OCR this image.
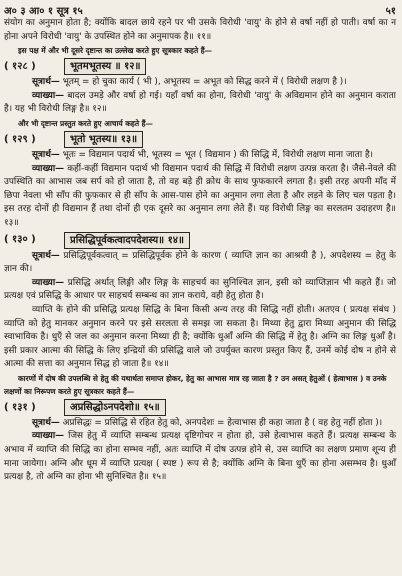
अ० ३ आ० १ सूत्र १५	५१

संयोग का अनुमान होता है; क्योंकि बादल छाये रहने पर भी उसके विरोधी 'वायु' के होने से वर्षा नहीं हो पाती। वर्षा का न होना अपने विरोधी 'वायु' के उपस्थित होने का अनुमापक है॥ ११॥

इस पक्ष में और भी दूसरे दृष्टान्त का उल्लेख करते हुए सूत्रकार कहते हैं—

( १२८ )	भूतमभूतस्य ॥ १२॥

सूत्रार्थ— भूतम् = हो चुका कार्य ( भी ), अभूतस्य = अभूत को सिद्ध करने में ( विरोधी लक्षण है )।

व्याख्या— बादल उमड़े और वर्षा हो गई। यहाँ वर्षा का होना, विरोधी 'वायु' के अविद्यमान होने का अनुमान कराता है। यह भी विरोधी लिङ्ग है॥ १२॥

और भी दृष्टान्त प्रस्तुत करते हुए आचार्य कहते हैं—

( १२९ )	भूतो भूतस्य॥ १३॥

सूत्रार्थ— भूतः = विद्यमान पदार्थ भी, भूतस्य = भूत ( विद्यमान ) की सिद्धि में, विरोधी लक्षण माना जाता है।

व्याख्या— कहीं-कहीं विद्यमान पदार्थ भी विद्यमान पदार्थ की सिद्धि में विरोधी लक्षण उत्पन्न करता है। जैसे-नेवले की उपस्थिति का आभास जब सर्प को हो जाता है, तो वह बड़े ही क्रोध के साथ फुफकारने लगता है। इसी तरह अपनी माँद में छिपा नेवला भी साँप की फुफकार से ही साँप के आस-पास होने का अनुमान लगा लेता है और लड़ने के लिए चल पड़ता है। इस तरह दोनों ही विद्यमान हैं तथा दोनों ही एक दूसरे का अनुमान लगा लेते हैं। यह विरोधी लिङ्ग का सरलतम उदाहरण है॥ १३॥

( १३० )	प्रसिद्धिपूर्वकत्वादपदेशस्य॥ १४॥

सूत्रार्थ— प्रसिद्धिपूर्वकत्वात् = प्रसिद्धिपूर्वक होने के कारण ( व्याप्ति ज्ञान का आश्रयी है ), अपदेशस्य = हेतु के ज्ञान की।

व्याख्या— प्रसिद्धि अर्थात् लिङ्गी और लिङ्ग के साहचर्य का सुनिश्चित ज्ञान, इसी को व्याप्तिज्ञान भी कहते हैं। जो प्रत्यक्ष एवं प्रसिद्धि के आधार पर साहचर्य सम्बन्ध का ज्ञान कराये, वही हेतु होता है।

व्याप्ति के होने की प्रसिद्धि प्रत्यक्ष सिद्धि के बिना किसी अन्य तरह की सिद्धि नहीं होती। अतएव ( प्रत्यक्ष संबंध ) व्याप्ति को हेतु मानकर अनुमान करने पर इसे सरलता से समझ जा सकता है। मिथ्या हेतु द्वारा मिथ्या अनुमान की सिद्धि स्वाभाविक है। धुएँ से जल का अनुमान करना मिथ्या ही है; क्योंकि धुआँ अग्नि की सिद्धि में हेतु है। अग्नि का लिङ्ग धुआँ है। इसी प्रकार आत्मा की सिद्धि के लिए इन्द्रियों की प्रसिद्धि वाले जो उपर्युक्त कारण प्रस्तुत किए हैं, उनमें कोई दोष न होने से आत्मा की सत्ता का अनुमान सिद्ध हो जाता है॥ १४॥

कारणों में दोष की उपलब्धि से हेतु की यथार्थता समाप्त होकर, हेतु का आभास मात्र रह जाता है ? उन असत् हेतुओं ( हेत्वाभास ) व उनके लक्षणों का निरूपण करते हुए सूत्रकार कहते हैं—

( १३१ )	अप्रसिद्धोऽनपदेशो॥ १५॥

सूत्रार्थ— अप्रसिद्धः = प्रसिद्धि से रहित हेतु को, अनपदेशः = हेत्वाभास ही कहा जाता है ( वह हेतु नहीं होता )।

व्याख्या— जिस हेतु में व्याप्ति सम्बन्ध प्रत्यक्ष दृष्टिगोचर न होता हो, उसे हेत्वाभास कहते हैं। प्रत्यक्ष सम्बन्ध के अभाव में व्याप्ति की सिद्धि का होना सम्भव नहीं, अतः व्याप्ति में दोष उत्पन्न होने से, उस व्याप्ति का लक्षण प्रमाण शून्य ही माना जायेगा। अग्नि और धूम में व्याप्ति प्रत्यक्ष ( स्पष्ट ) रूप से है; क्योंकि अग्नि के बिना धुएँ का होना असम्भव है। धुआँ प्रत्यक्ष है, तो अग्नि का होना भी सुनिश्चित है॥ १५॥
